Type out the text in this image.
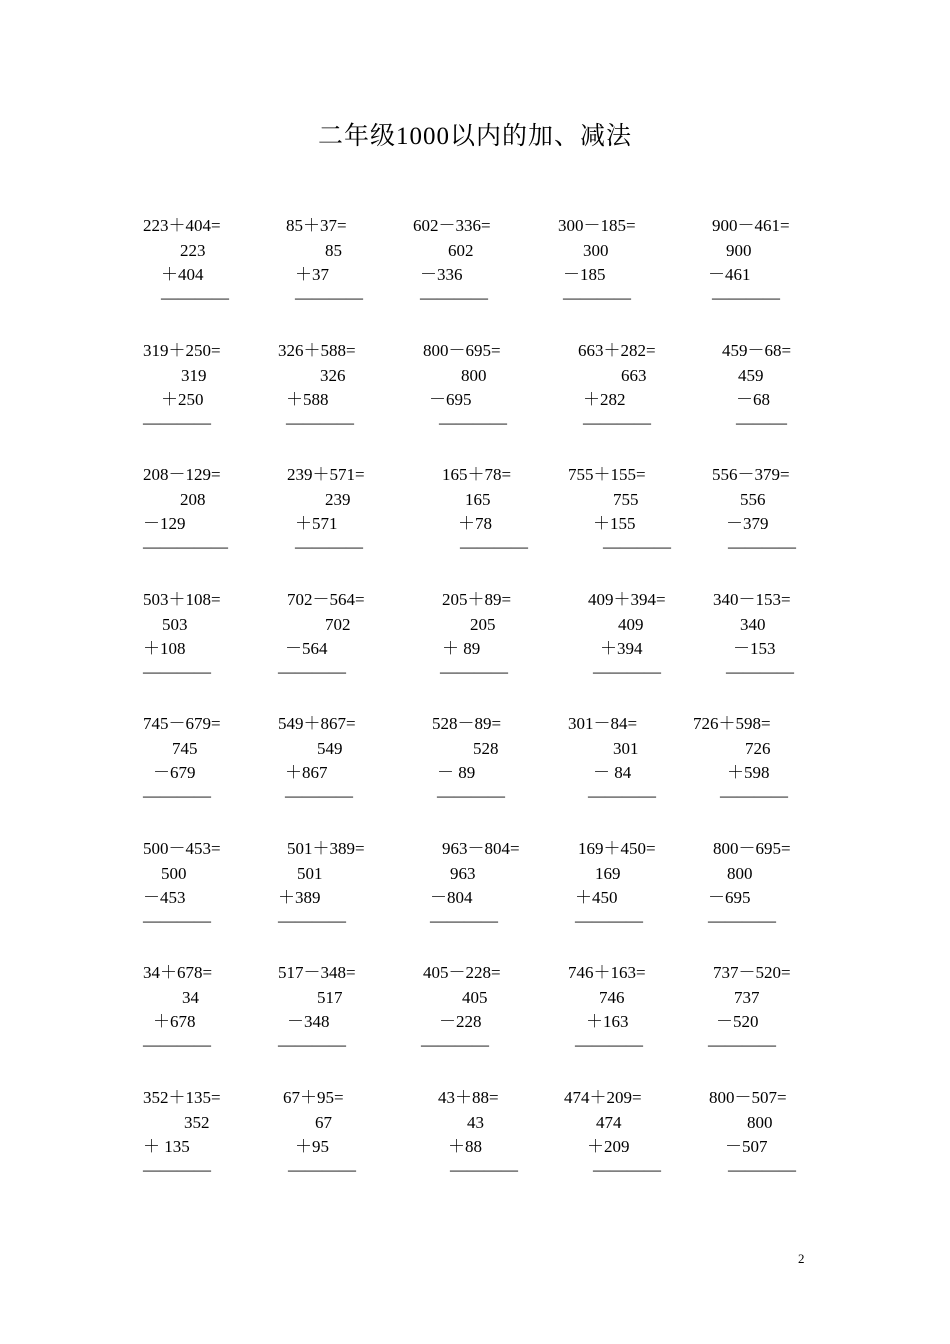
二年级1000以内的加、减法
223＋404=
223
＋404
————
85＋37=
85
＋37
————
602－336=
602
－336
————
300－185=
300
－185
————
900－461=
900
－461
————
319＋250=
319
＋250
————
326＋588=
326
＋588
————
800－695=
800
－695
————
663＋282=
663
＋282
————
459－68=
459
－68
———
208－129=
208
－129
—————
239＋571=
239
＋571
————
165＋78=
165
＋78
————
755＋155=
755
＋155
————
556－379=
556
－379
————
503＋108=
503
＋108
————
702－564=
702
－564
————
205＋89=
205
＋ 89
————
409＋394=
409
＋394
————
340－153=
340
－153
————
745－679=
745
－679
————
549＋867=
549
＋867
————
528－89=
528
－ 89
————
301－84=
301
－ 84
————
726＋598=
726
＋598
————
500－453=
500
－453
————
501＋389=
501
＋389
————
963－804=
963
－804
————
169＋450=
169
＋450
————
800－695=
800
－695
————
34＋678=
34
＋678
————
517－348=
517
－348
————
405－228=
405
－228
————
746＋163=
746
＋163
————
737－520=
737
－520
————
352＋135=
352
＋ 135
————
67＋95=
67
＋95
————
43＋88=
43
＋88
————
474＋209=
474
＋209
————
800－507=
800
－507
————
2
